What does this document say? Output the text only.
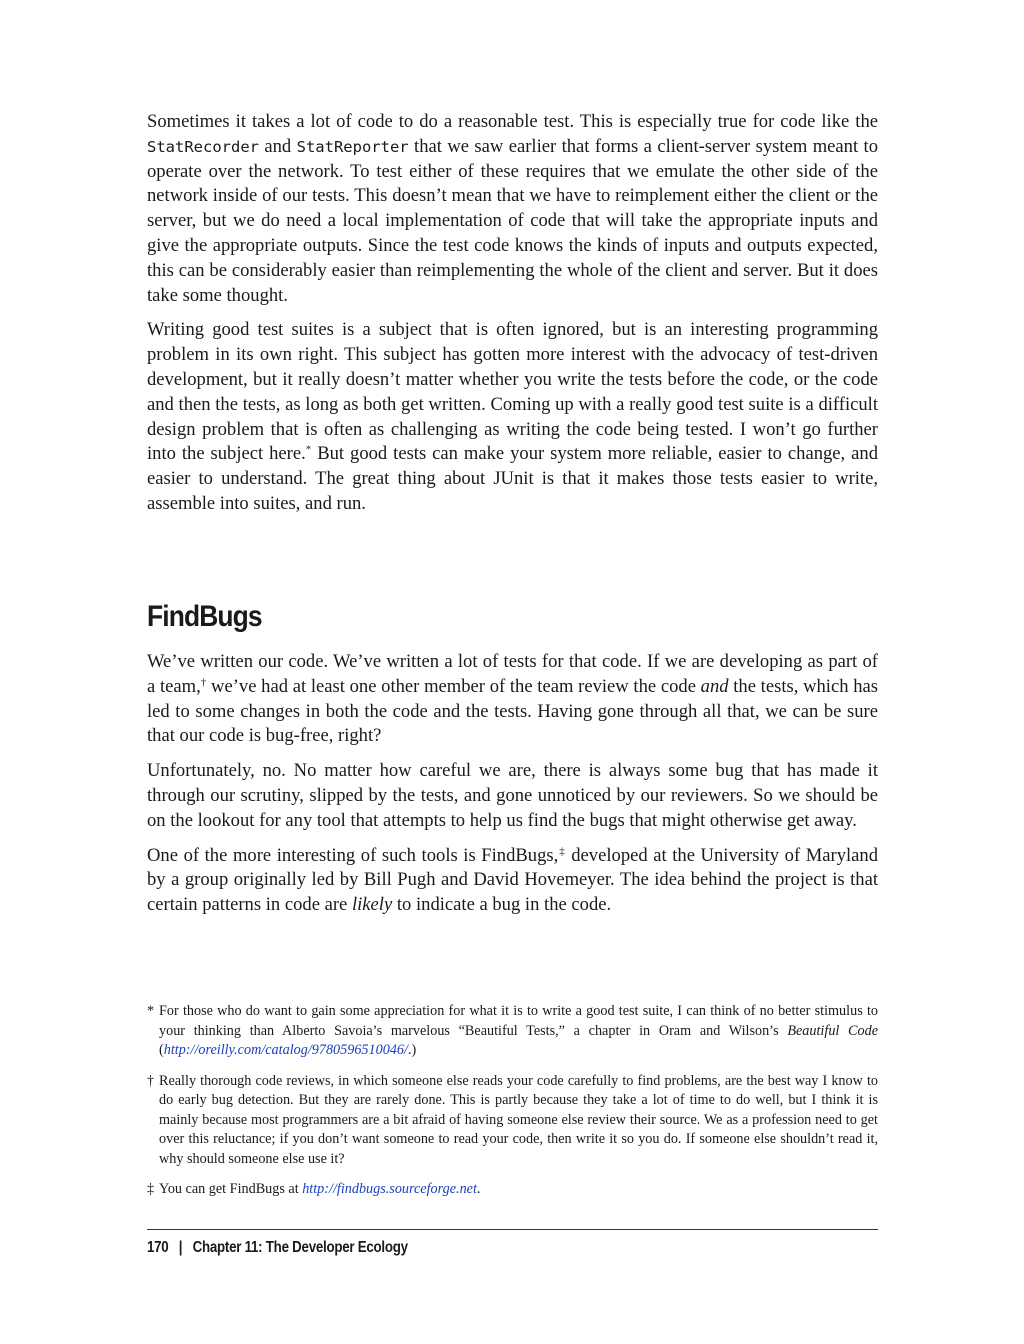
Sometimes it takes a lot of code to do a reasonable test. This is especially true for code like the StatRecorder and StatReporter that we saw earlier that forms a client-server system meant to operate over the network. To test either of these requires that we emulate the other side of the network inside of our tests. This doesn’t mean that we have to reimplement either the client or the server, but we do need a local implementation of code that will take the appropriate inputs and give the appropriate outputs. Since the test code knows the kinds of inputs and outputs expected, this can be considerably easier than reimplementing the whole of the client and server. But it does take some thought.

Writing good test suites is a subject that is often ignored, but is an interesting programming problem in its own right. This subject has gotten more interest with the advocacy of test-driven development, but it really doesn’t matter whether you write the tests before the code, or the code and then the tests, as long as both get written. Coming up with a really good test suite is a difficult design problem that is often as challenging as writing the code being tested. I won’t go further into the subject here.* But good tests can make your system more reliable, easier to change, and easier to understand. The great thing about JUnit is that it makes those tests easier to write, assemble into suites, and run.

FindBugs

We’ve written our code. We’ve written a lot of tests for that code. If we are developing as part of a team,† we’ve had at least one other member of the team review the code and the tests, which has led to some changes in both the code and the tests. Having gone through all that, we can be sure that our code is bug-free, right?

Unfortunately, no. No matter how careful we are, there is always some bug that has made it through our scrutiny, slipped by the tests, and gone unnoticed by our reviewers. So we should be on the lookout for any tool that attempts to help us find the bugs that might otherwise get away.

One of the more interesting of such tools is FindBugs,‡ developed at the University of Maryland by a group originally led by Bill Pugh and David Hovemeyer. The idea behind the project is that certain patterns in code are likely to indicate a bug in the code.

* For those who do want to gain some appreciation for what it is to write a good test suite, I can think of no better stimulus to your thinking than Alberto Savoia’s marvelous “Beautiful Tests,” a chapter in Oram and Wilson’s Beautiful Code (http://oreilly.com/catalog/9780596510046/.)
† Really thorough code reviews, in which someone else reads your code carefully to find problems, are the best way I know to do early bug detection. But they are rarely done. This is partly because they take a lot of time to do well, but I think it is mainly because most programmers are a bit afraid of having someone else review their source. We as a profession need to get over this reluctance; if you don’t want someone to read your code, then write it so you do. If someone else shouldn’t read it, why should someone else use it?
‡ You can get FindBugs at http://findbugs.sourceforge.net.
170 | Chapter 11: The Developer Ecology
